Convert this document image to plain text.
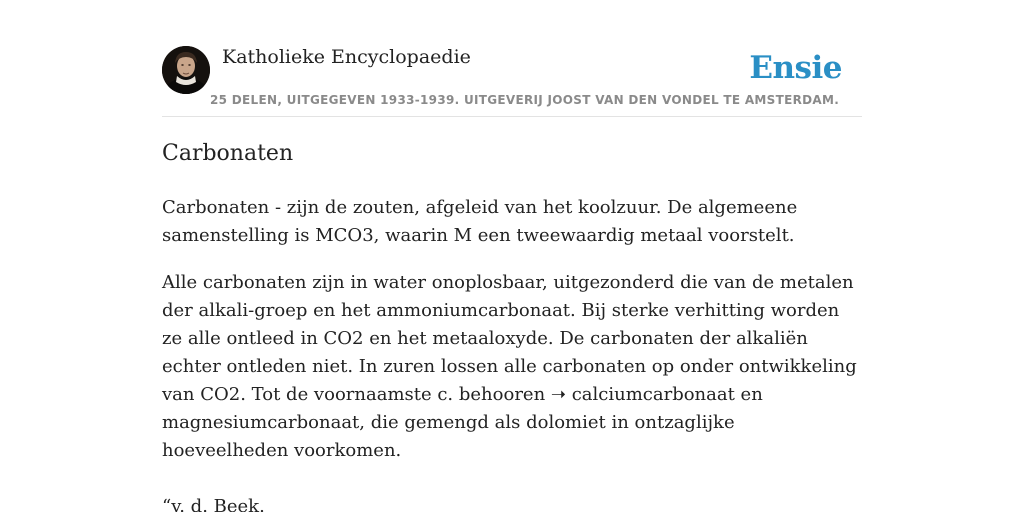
Katholieke Encyclopaedie
25 DELEN, UITGEGEVEN 1933-1939. UITGEVERIJ JOOST VAN DEN VONDEL TE AMSTERDAM.
Ensie
Carbonaten

Carbonaten - zijn de zouten, afgeleid van het koolzuur. De algemeene samenstelling is MCO3, waarin M een tweewaardig metaal voorstelt.

Alle carbonaten zijn in water onoplosbaar, uitgezonderd die van de metalen der alkali-groep en het ammoniumcarbonaat. Bij sterke verhitting worden ze alle ontleed in CO2 en het metaaloxyde. De carbonaten der alkaliën echter ontleden niet. In zuren lossen alle carbonaten op onder ontwikkeling van CO2. Tot de voornaamste c. behooren ➝ calciumcarbonaat en magnesiumcarbonaat, die gemengd als dolomiet in ontzaglijke hoeveelheden voorkomen.

“v. d. Beek.
